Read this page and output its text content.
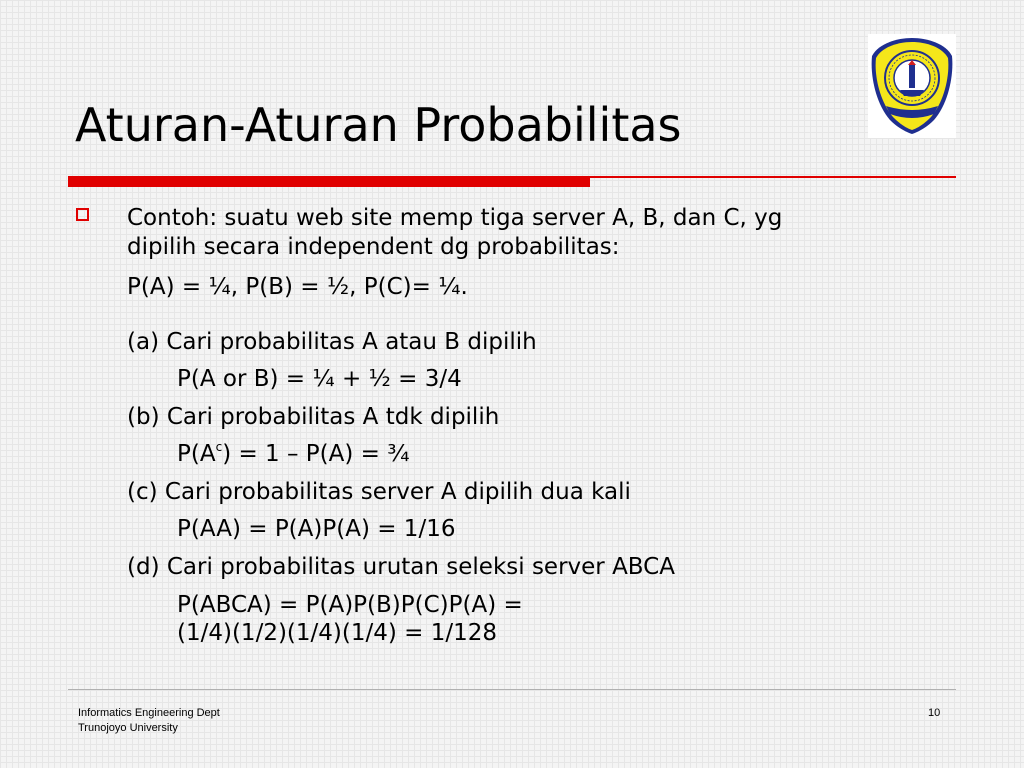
Aturan-Aturan Probabilitas
Contoh: suatu web site memp tiga server A, B, dan C, yg
dipilih secara independent dg probabilitas:
P(A) = ¼, P(B) = ½, P(C)= ¼.
(a) Cari probabilitas A atau B dipilih
P(A or B) = ¼ + ½ = 3/4
(b) Cari probabilitas A tdk dipilih
$P(A^c) = 1 - P(A)$ = ¾
(c) Cari probabilitas server A dipilih dua kali
P(AA) = P(A)P(A) = 1/16
(d) Cari probabilitas urutan seleksi server ABCA
P(ABCA) = P(A)P(B)P(C)P(A) =
(1/4)(1/2)(1/4)(1/4) = 1/128
Informatics Engineering Dept
Trunojoyo University
10
